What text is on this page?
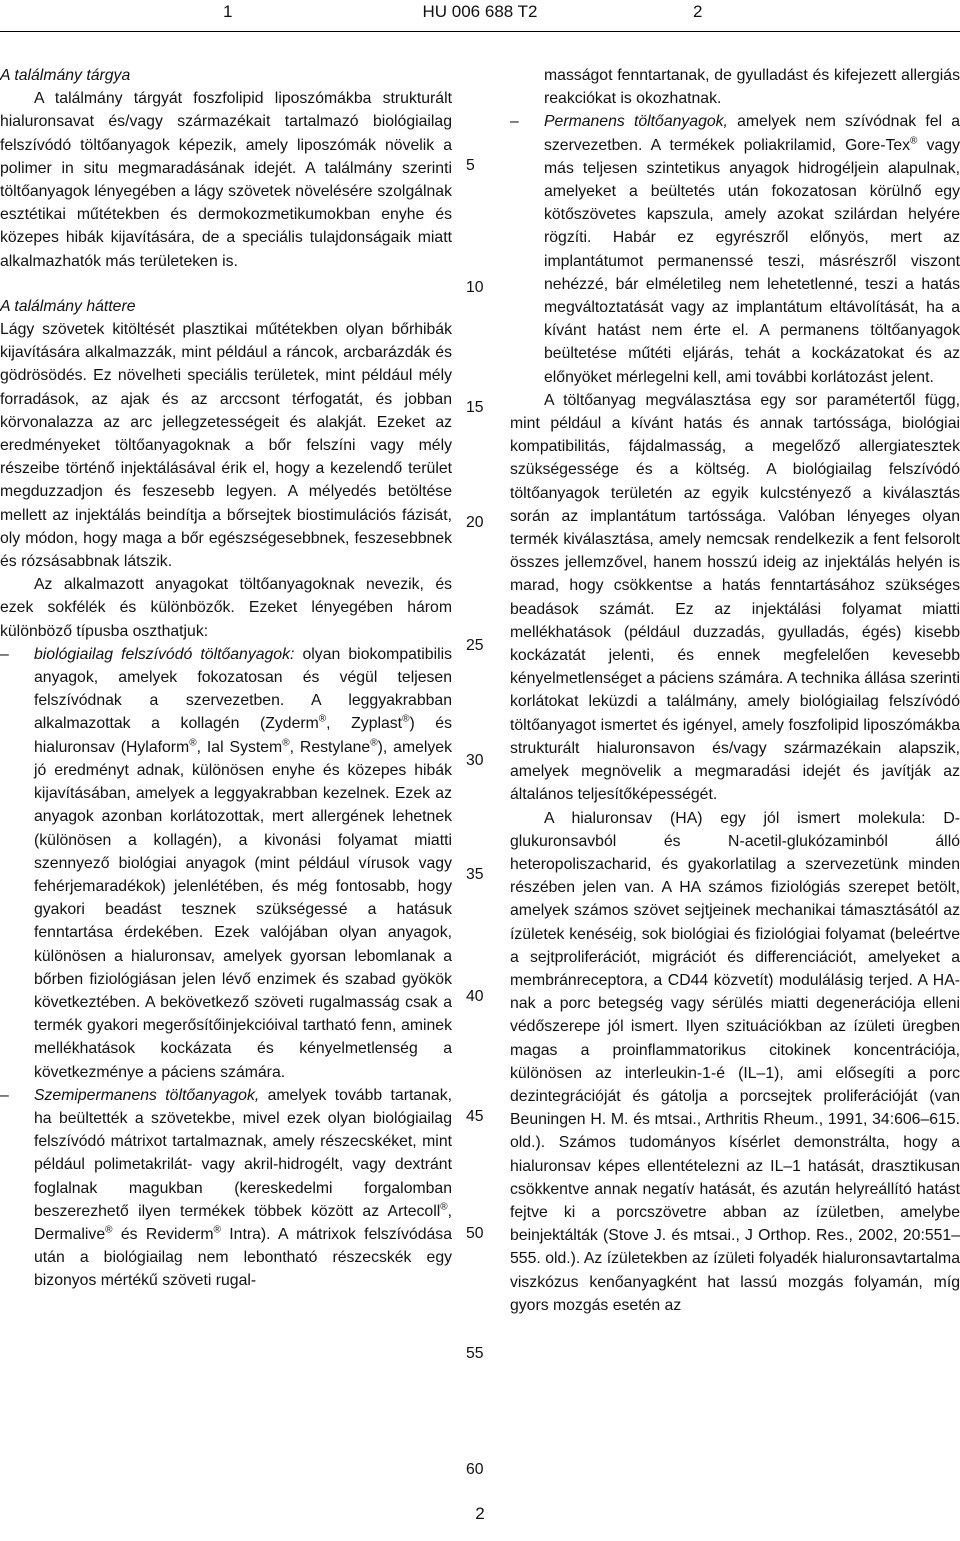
1	HU 006 688 T2	2

A találmány tárgya

A találmány tárgyát foszfolipid liposzómákba strukturált hialuronsavat és/vagy származékait tartalmazó biológiailag felszívódó töltőanyagok képezik, amely liposzómák növelik a polimer in situ megmaradásának idejét. A találmány szerinti töltőanyagok lényegében a lágy szövetek növelésére szolgálnak esztétikai műtétekben és dermokozmetikumokban enyhe és közepes hibák kijavítására, de a speciális tulajdonságaik miatt alkalmazhatók más területeken is.

A találmány háttere

Lágy szövetek kitöltését plasztikai műtétekben olyan bőrhibák kijavítására alkalmazzák, mint például a ráncok, arcbarázdák és gödrösödés. Ez növelheti speciális területek, mint például mély forradások, az ajak és az arccsont térfogatát, és jobban körvonalazza az arc jellegzetességeit és alakját. Ezeket az eredményeket töltőanyagoknak a bőr felszíni vagy mély részeibe történő injektálásával érik el, hogy a kezelendő terület megduzzadjon és feszesebb legyen. A mélyedés betöltése mellett az injektálás beindítja a bőrsejtek biostimulációs fázisát, oly módon, hogy maga a bőr egészségesebbnek, feszesebbnek és rózsásabbnak látszik.

Az alkalmazott anyagokat töltőanyagoknak nevezik, és ezek sokfélék és különbözők. Ezeket lényegében három különböző típusba oszthatjuk:

– biológiailag felszívódó töltőanyagok: olyan biokompatibilis anyagok, amelyek fokozatosan és végül teljesen felszívódnak a szervezetben. A leggyakrabban alkalmazottak a kollagén (Zyderm®, Zyplast®) és hialuronsav (Hylaform®, Ial System®, Restylane®), amelyek jó eredményt adnak, különösen enyhe és közepes hibák kijavításában, amelyek a leggyakrabban kezelnek. Ezek az anyagok azonban korlátozottak, mert allergének lehetnek (különösen a kollagén), a kivonási folyamat miatti szennyező biológiai anyagok (mint például vírusok vagy fehérjemaradékok) jelenlétében, és még fontosabb, hogy gyakori beadást tesznek szükségessé a hatásuk fenntartása érdekében. Ezek valójában olyan anyagok, különösen a hialuronsav, amelyek gyorsan lebomlanak a bőrben fiziológiásan jelen lévő enzimek és szabad gyökök következtében. A bekövetkező szöveti rugalmasság csak a termék gyakori megerősítőinjekcióival tartható fenn, aminek mellékhatások kockázata és kényelmetlenség a következménye a páciens számára.
– Szemipermanens töltőanyagok, amelyek tovább tartanak, ha beültették a szövetekbe, mivel ezek olyan biológiailag felszívódó mátrixot tartalmaznak, amely részecskéket, mint például polimetakrilát- vagy akril-hidrogélt, vagy dextránt foglalnak magukban (kereskedelmi forgalomban beszerezhető ilyen termékek többek között az Artecoll®, Dermalive® és Reviderm® Intra). A mátrixok felszívódása után a biológiailag nem lebontható részecskék egy bizonyos mértékű szöveti rugal-

masságot fenntartanak, de gyulladást és kifejezett allergiás reakciókat is okozhatnak.

– Permanens töltőanyagok, amelyek nem szívódnak fel a szervezetben. A termékek poliakrilamid, Gore-Tex® vagy más teljesen szintetikus anyagok hidrogéljein alapulnak, amelyeket a beültetés után fokozatosan körülnő egy kötőszövetes kapszula, amely azokat szilárdan helyére rögzíti. Habár ez egyrészről előnyös, mert az implantátumot permanenssé teszi, másrészről viszont nehézzé, bár elméletileg nem lehetetlenné, teszi a hatás megváltoztatását vagy az implantátum eltávolítását, ha a kívánt hatást nem érte el. A permanens töltőanyagok beültetése műtéti eljárás, tehát a kockázatokat és az előnyöket mérlegelni kell, ami további korlátozást jelent.

A töltőanyag megválasztása egy sor paramétertől függ, mint például a kívánt hatás és annak tartóssága, biológiai kompatibilitás, fájdalmasság, a megelőző allergiatesztek szükségessége és a költség. A biológiailag felszívódó töltőanyagok területén az egyik kulcstényező a kiválasztás során az implantátum tartóssága. Valóban lényeges olyan termék kiválasztása, amely nemcsak rendelkezik a fent felsorolt összes jellemzővel, hanem hosszú ideig az injektálás helyén is marad, hogy csökkentse a hatás fenntartásához szükséges beadások számát. Ez az injektálási folyamat miatti mellékhatások (például duzzadás, gyulladás, égés) kisebb kockázatát jelenti, és ennek megfelelően kevesebb kényelmetlenséget a páciens számára. A technika állása szerinti korlátokat leküzdi a találmány, amely biológiailag felszívódó töltőanyagot ismertet és igényel, amely foszfolipid liposzómákba strukturált hialuronsavon és/vagy származékain alapszik, amelyek megnövelik a megmaradási idejét és javítják az általános teljesítőképességét.

A hialuronsav (HA) egy jól ismert molekula: D-glukuronsavból és N-acetil-glukózaminból álló heteropoliszacharid, és gyakorlatilag a szervezetünk minden részében jelen van. A HA számos fiziológiás szerepet betölt, amelyek számos szövet sejtjeinek mechanikai támasztásától az ízületek kenéséig, sok biológiai és fiziológiai folyamat (beleértve a sejtproliferációt, migrációt és differenciációt, amelyeket a membránreceptora, a CD44 közvetít) modulálásig terjed. A HA-nak a porc betegség vagy sérülés miatti degenerációja elleni védőszerepe jól ismert. Ilyen szituációkban az ízületi üregben magas a proinflammatorikus citokinek koncentrációja, különösen az interleukin-1-é (IL–1), ami elősegíti a porc dezintegrációját és gátolja a porcsejtek proliferációját (van Beuningen H. M. és mtsai., Arthritis Rheum., 1991, 34:606–615. old.). Számos tudományos kísérlet demonstrálta, hogy a hialuronsav képes ellentételezni az IL–1 hatását, drasztikusan csökkentve annak negatív hatását, és azután helyreállító hatást fejtve ki a porcszövetre abban az ízületben, amelybe beinjektálták (Stove J. és mtsai., J Orthop. Res., 2002, 20:551–555. old.). Az ízületekben az ízületi folyadék hialuronsavtartalma viszkózus kenőanyagként hat lassú mozgás folyamán, míg gyors mozgás esetén az

5
10
15
20
25
30
35
40
45
50
55
60
2
